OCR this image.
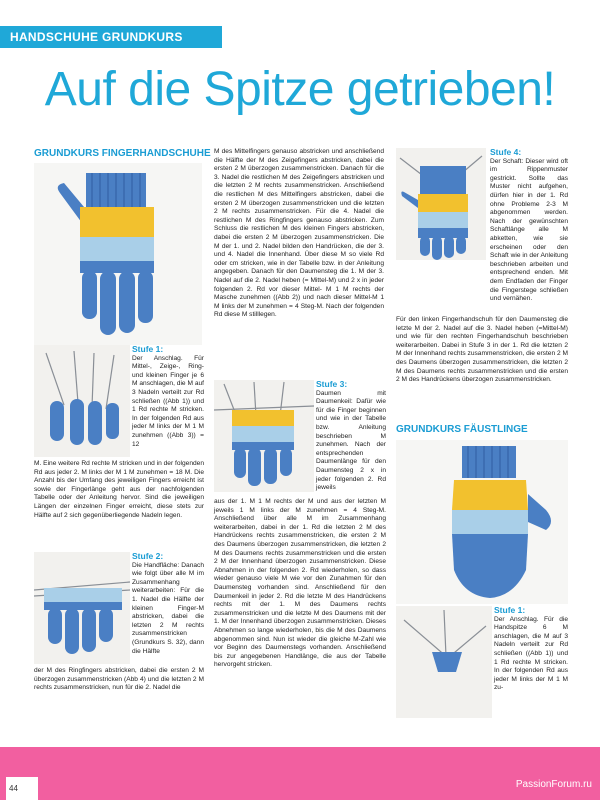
HANDSCHUHE GRUNDKURS
Auf die Spitze getrieben!
GRUNDKURS FINGERHANDSCHUHE
Stufe 1:

Der Anschlag. Für Mittel-, Zeige-, Ring- und kleinen Finger je 6 M anschlagen, die M auf 3 Nadeln verteilt zur Rd schließen ((Abb 1)) und 1 Rd rechte M stricken. In der folgenden Rd aus jeder M links der M 1 M zunehmen ((Abb 3)) = 12

M. Eine weitere Rd rechte M stricken und in der folgenden Rd aus jeder 2. M links der M 1 M zunehmen = 18 M. Die Anzahl bis der Umfang des jeweiligen Fingers erreicht ist sowie der Fingerlänge geht aus der nachfolgenden Tabelle oder der Anleitung hervor. Sind die jeweiligen Längen der einzelnen Finger erreicht, diese stets zur Hälfte auf 2 sich gegenüberliegende Nadeln legen.

Stufe 2:

Die Handfläche: Danach wie folgt über alle M im Zusammenhang weiterarbeiten: Für die 1. Nadel die Hälfte der kleinen Finger-M abstricken, dabei die letzten 2 M rechts zusammenstricken (Grundkurs S. 32), dann die Hälfte

der M des Ringfingers abstricken, dabei die ersten 2 M überzogen zusammenstricken (Abb 4) und die letzten 2 M rechts zusammenstricken, nun für die 2. Nadel die

M des Mittelfingers genauso abstricken und anschließend die Hälfte der M des Zeigefingers abstricken, dabei die ersten 2 M überzogen zusammenstricken. Danach für die 3. Nadel die restlichen M des Zeigefingers abstricken und die letzten 2 M rechts zusammenstricken. Anschließend die restlichen M des Mittelfingers abstricken, dabei die ersten 2 M überzogen zusammenstricken und die letzten 2 M rechts zusammenstricken. Für die 4. Nadel die restlichen M des Ringfingers genauso abstricken. Zum Schluss die restlichen M des kleinen Fingers abstricken, dabei die ersten 2 M überzogen zusammenstricken. Die M der 1. und 2. Nadel bilden den Handrücken, die der 3. und 4. Nadel die Innenhand. Über diese M so viele Rd oder cm stricken, wie in der Tabelle bzw. in der Anleitung angegeben. Danach für den Daumensteg die 1. M der 3. Nadel auf die 2. Nadel heben (= Mittel-M) und 2 x in jeder folgenden 2. Rd vor dieser Mittel- M 1 M rechts der Masche zunehmen ((Abb 2)) und nach dieser Mittel-M 1 M links der M zunehmen = 4 Steg-M. Nach der folgenden Rd diese M stilllegen.

Stufe 3:

Daumen mit Daumenkeil: Dafür wie für die Finger beginnen und wie in der Tabelle bzw. Anleitung beschrieben M zunehmen. Nach der entsprechenden Daumenlänge für den Daumensteg 2 x in jeder folgenden 2. Rd jeweils

aus der 1. M 1 M rechts der M und aus der letzten M jeweils 1 M links der M zunehmen = 4 Steg-M. Anschließend über alle M im Zusammenhang weiterarbeiten, dabei in der 1. Rd die letzten 2 M des Handrückens rechts zusammenstricken, die ersten 2 M des Daumens überzogen zusammenstricken, die letzten 2 M des Daumens rechts zusammenstricken und die ersten 2 M der Innenhand überzogen zusammenstricken. Diese Abnahmen in der folgenden 2. Rd wiederholen, so dass wieder genauso viele M wie vor den Zunahmen für den Daumensteg vorhanden sind. Anschließend für den Daumenkeil in jeder 2. Rd die letzte M des Handrückens rechts mit der 1. M des Daumens rechts zusammenstricken und die letzte M des Daumens mit der 1. M der Innenhand überzogen zusammenstricken. Dieses Abnehmen so lange wiederholen, bis die M des Daumens abgenommen sind. Nun ist wieder die gleiche M-Zahl wie vor Beginn des Daumenstegs vorhanden. Anschließend bis zur angegebenen Handlänge, die aus der Tabelle hervorgeht stricken.

Stufe 4:

Der Schaft: Dieser wird oft im Rippenmuster gestrickt. Sollte das Muster nicht aufgehen, dürfen hier in der 1. Rd ohne Probleme 2-3 M abgenommen werden. Nach der gewünschten Schaftlänge alle M abketten, wie sie erscheinen oder den Schaft wie in der Anleitung beschrieben arbeiten und entsprechend enden. Mit dem Endfaden der Finger die Fingerstege schließen und vernähen.

Für den linken Fingerhandschuh für den Daumensteg die letzte M der 2. Nadel auf die 3. Nadel heben (=Mittel-M) und wie für den rechten Fingerhandschuh beschrieben weiterarbeiten. Dabei in Stufe 3 in der 1. Rd die letzten 2 M der Innenhand rechts zusammenstricken, die ersten 2 M des Daumens überzogen zusammenstricken, die letzten 2 M des Daumens rechts zusammenstricken und die ersten 2 M des Handrückens überzogen zusammenstricken.

GRUNDKURS FÄUSTLINGE
Stufe 1:

Der Anschlag. Für die Handspitze 6 M anschlagen, die M auf 3 Nadeln verteilt zur Rd schließen ((Abb 1)) und 1 Rd rechte M stricken. In der folgenden Rd aus jeder M links der M 1 M zu-

44	PassionForum.ru
